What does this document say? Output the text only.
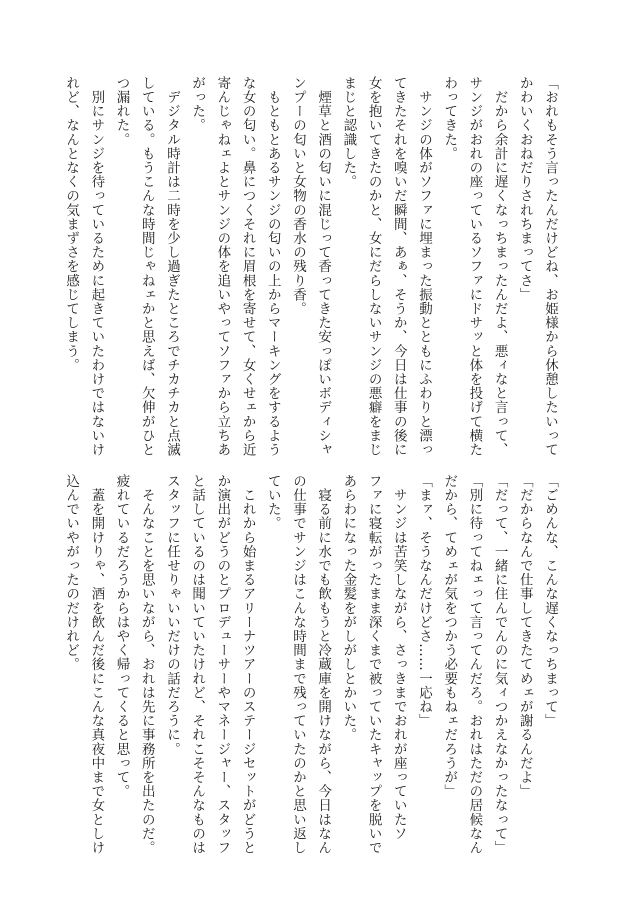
「おれもそう言ったんだけどね、お姫様から休憩したいって

かわいくおねだりされちまってさ」

　だから余計に遅くなっちまったんだよ、悪ィなと言って、

サンジがおれの座っているソファにドサッと体を投げて横た

わってきた。

　サンジの体がソファに埋まった振動とともにふわりと漂っ

てきたそれを嗅いだ瞬間、あぁ、そうか、今日は仕事の後に

女を抱いてきたのかと、女にだらしないサンジの悪癖をまじ

まじと認識した。

　煙草と酒の匂いに混じって香ってきた安っぽいボディシャ

ンプーの匂いと女物の香水の残り香。

　もともとあるサンジの匂いの上からマーキングをするよう

な女の匂い。鼻につくそれに眉根を寄せて、女くせェから近

寄んじゃねェよとサンジの体を追いやってソファから立ちあ

がった。

　デジタル時計は二時を少し過ぎたところでチカチカと点滅

している。もうこんな時間じゃねェかと思えば、欠伸がひと

つ漏れた。

　別にサンジを待っているために起きていたわけではないけ

れど、なんとなくの気まずさを感じてしまう。

「ごめんな、こんな遅くなっちまって」

「だからなんで仕事してきたてめェが謝るんだよ」

「だって、一緒に住んでんのに気ィつかえなかったなって」

「別に待ってねェって言ってんだろ。おれはただの居候なん

だから、てめェが気をつかう必要もねェだろうが」

「まァ、そうなんだけどさ……一応ね」

　サンジは苦笑しながら、さっきまでおれが座っていたソ

ファに寝転がったまま深くまで被っていたキャップを脱いで

あらわになった金髪をがしがしとかいた。

　寝る前に水でも飲もうと冷蔵庫を開けながら、今日はなん

の仕事でサンジはこんな時間まで残っていたのかと思い返し

ていた。

　これから始まるアリーナツアーのステージセットがどうと

か演出がどうのとプロデューサーやマネージャー、スタッフ

と話しているのは聞いていたけれど、それこそそんなものは

スタッフに任せりゃいいだけの話だろうに。

　そんなことを思いながら、おれは先に事務所を出たのだ。

疲れているだろうからはやく帰ってくると思って。

　蓋を開けりゃ、酒を飲んだ後にこんな真夜中まで女としけ

込んでいやがったのだけれど。
